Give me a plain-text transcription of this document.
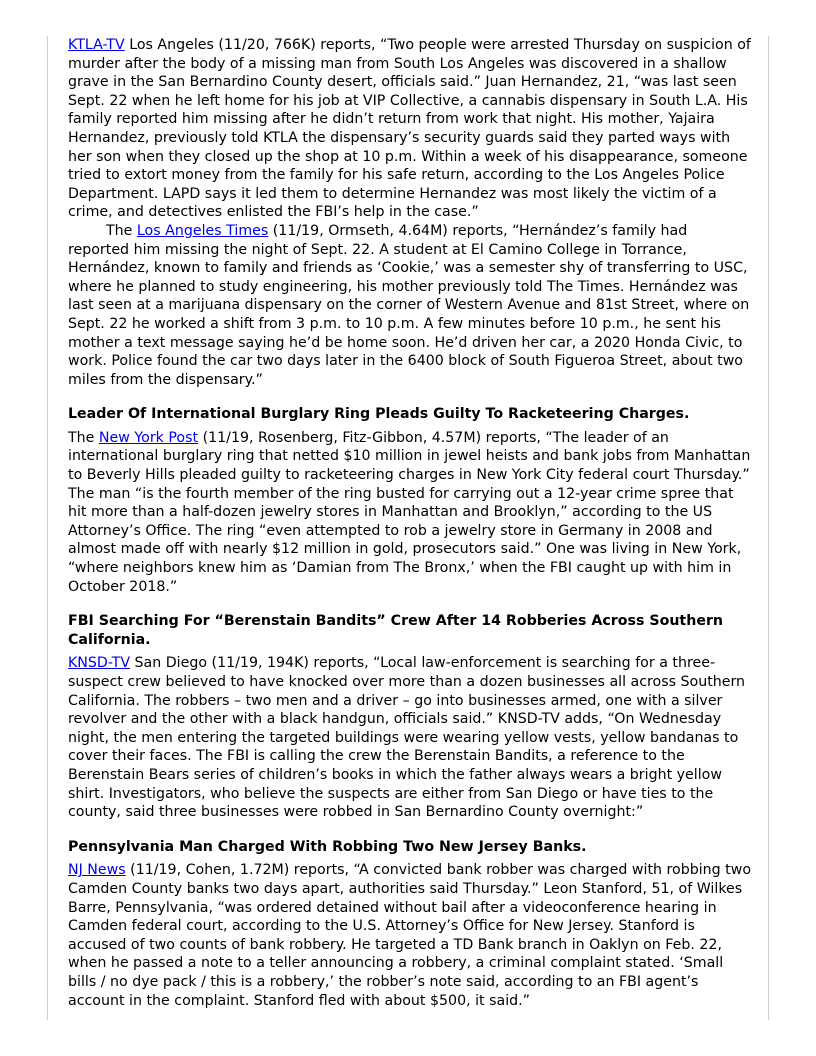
KTLA-TV Los Angeles (11/20, 766K) reports, “Two people were arrested Thursday on suspicion of murder after the body of a missing man from South Los Angeles was discovered in a shallow grave in the San Bernardino County desert, officials said.” Juan Hernandez, 21, “was last seen Sept. 22 when he left home for his job at VIP Collective, a cannabis dispensary in South L.A. His family reported him missing after he didn’t return from work that night. His mother, Yajaira Hernandez, previously told KTLA the dispensary’s security guards said they parted ways with her son when they closed up the shop at 10 p.m. Within a week of his disappearance, someone tried to extort money from the family for his safe return, according to the Los Angeles Police Department. LAPD says it led them to determine Hernandez was most likely the victim of a crime, and detectives enlisted the FBI’s help in the case.”

The Los Angeles Times (11/19, Ormseth, 4.64M) reports, “Hernández’s family had reported him missing the night of Sept. 22. A student at El Camino College in Torrance, Hernández, known to family and friends as ‘Cookie,’ was a semester shy of transferring to USC, where he planned to study engineering, his mother previously told The Times. Hernández was last seen at a marijuana dispensary on the corner of Western Avenue and 81st Street, where on Sept. 22 he worked a shift from 3 p.m. to 10 p.m. A few minutes before 10 p.m., he sent his mother a text message saying he’d be home soon. He’d driven her car, a 2020 Honda Civic, to work. Police found the car two days later in the 6400 block of South Figueroa Street, about two miles from the dispensary.”

Leader Of International Burglary Ring Pleads Guilty To Racketeering Charges.

The New York Post (11/19, Rosenberg, Fitz-Gibbon, 4.57M) reports, “The leader of an international burglary ring that netted $10 million in jewel heists and bank jobs from Manhattan to Beverly Hills pleaded guilty to racketeering charges in New York City federal court Thursday.” The man “is the fourth member of the ring busted for carrying out a 12-year crime spree that hit more than a half-dozen jewelry stores in Manhattan and Brooklyn,” according to the US Attorney’s Office. The ring “even attempted to rob a jewelry store in Germany in 2008 and almost made off with nearly $12 million in gold, prosecutors said.” One was living in New York, “where neighbors knew him as ‘Damian from The Bronx,’ when the FBI caught up with him in October 2018.”

FBI Searching For “Berenstain Bandits” Crew After 14 Robberies Across Southern California.

KNSD-TV San Diego (11/19, 194K) reports, “Local law-enforcement is searching for a three-suspect crew believed to have knocked over more than a dozen businesses all across Southern California. The robbers – two men and a driver – go into businesses armed, one with a silver revolver and the other with a black handgun, officials said.” KNSD-TV adds, “On Wednesday night, the men entering the targeted buildings were wearing yellow vests, yellow bandanas to cover their faces. The FBI is calling the crew the Berenstain Bandits, a reference to the Berenstain Bears series of children’s books in which the father always wears a bright yellow shirt. Investigators, who believe the suspects are either from San Diego or have ties to the county, said three businesses were robbed in San Bernardino County overnight:”

Pennsylvania Man Charged With Robbing Two New Jersey Banks.

NJ News (11/19, Cohen, 1.72M) reports, “A convicted bank robber was charged with robbing two Camden County banks two days apart, authorities said Thursday.” Leon Stanford, 51, of Wilkes Barre, Pennsylvania, “was ordered detained without bail after a videoconference hearing in Camden federal court, according to the U.S. Attorney’s Office for New Jersey. Stanford is accused of two counts of bank robbery. He targeted a TD Bank branch in Oaklyn on Feb. 22, when he passed a note to a teller announcing a robbery, a criminal complaint stated. ‘Small bills / no dye pack / this is a robbery,’ the robber’s note said, according to an FBI agent’s account in the complaint. Stanford fled with about $500, it said.”
